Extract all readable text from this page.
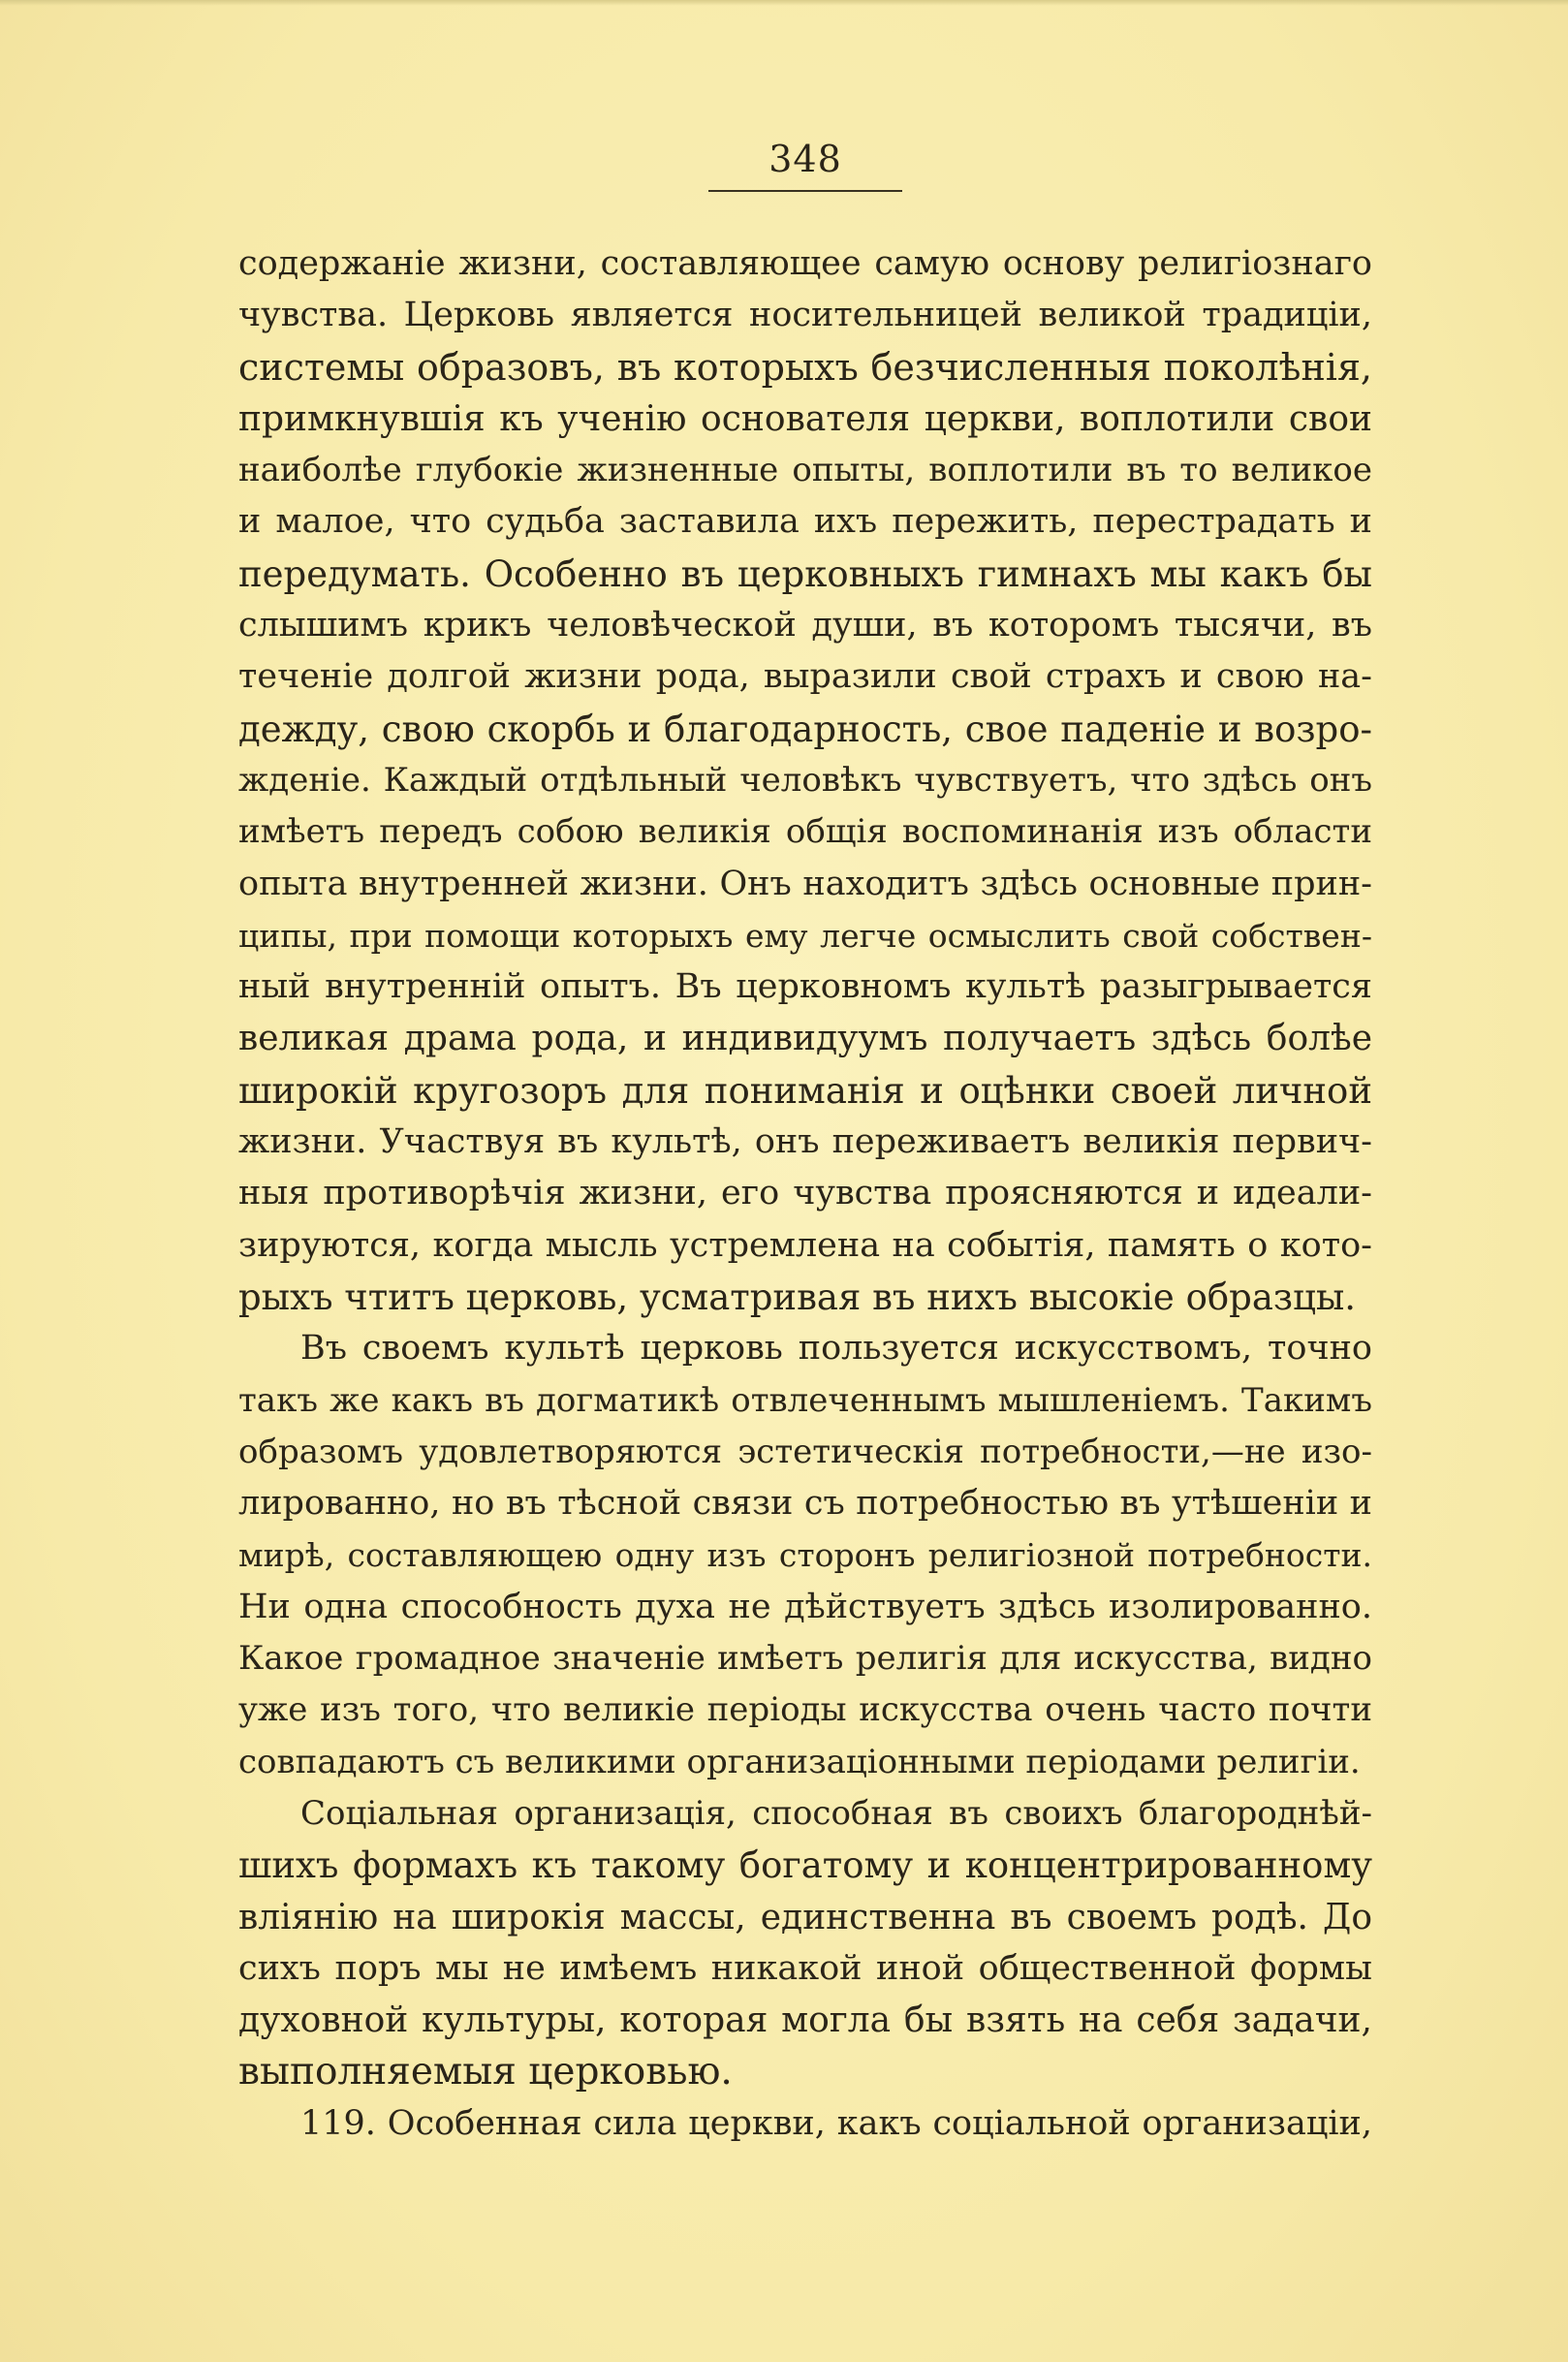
348
содержанiе жизни, составляющее самую основу религiознаго
чувства. Церковь является носительницей великой традицiи,
системы образовъ, въ которыхъ безчисленныя поколѣнiя,
примкнувшiя къ ученiю основателя церкви, воплотили свои
наиболѣе глубокiе жизненные опыты, воплотили въ то великое
и малое, что судьба заставила ихъ пережить, перестрадать и
передумать. Особенно въ церковныхъ гимнахъ мы какъ бы
слышимъ крикъ человѣческой души, въ которомъ тысячи, въ
теченiе долгой жизни рода, выразили свой страхъ и свою на-
дежду, свою скорбь и благодарность, свое паденiе и возро-
жденiе. Каждый отдѣльный человѣкъ чувствуетъ, что здѣсь онъ
имѣетъ передъ собою великiя общiя воспоминанiя изъ области
опыта внутренней жизни. Онъ находитъ здѣсь основные прин-
ципы, при помощи которыхъ ему легче осмыслить свой собствен-
ный внутреннiй опытъ. Въ церковномъ культѣ разыгрывается
великая драма рода, и индивидуумъ получаетъ здѣсь болѣе
широкiй кругозоръ для пониманiя и оцѣнки своей личной
жизни. Участвуя въ культѣ, онъ переживаетъ великiя первич-
ныя противорѣчiя жизни, его чувства проясняются и идеали-
зируются, когда мысль устремлена на событiя, память о кото-
рыхъ чтитъ церковь, усматривая въ нихъ высокiе образцы.
Въ своемъ культѣ церковь пользуется искусствомъ, точно
такъ же какъ въ догматикѣ отвлеченнымъ мышленiемъ. Такимъ
образомъ удовлетворяются эстетическiя потребности,—не изо-
лированно, но въ тѣсной связи съ потребностью въ утѣшенiи и
мирѣ, составляющею одну изъ сторонъ религiозной потребности.
Ни одна способность духа не дѣйствуетъ здѣсь изолированно.
Какое громадное значенiе имѣетъ религiя для искусства, видно
уже изъ того, что великiе перiоды искусства очень часто почти
совпадаютъ съ великими организацiонными перiодами религiи.
Соцiальная организацiя, способная въ своихъ благороднѣй-
шихъ формахъ къ такому богатому и концентрированному
влiянiю на широкiя массы, единственна въ своемъ родѣ. До
сихъ поръ мы не имѣемъ никакой иной общественной формы
духовной культуры, которая могла бы взять на себя задачи,
выполняемыя церковью.
119. Особенная сила церкви, какъ соцiальной организацiи,
